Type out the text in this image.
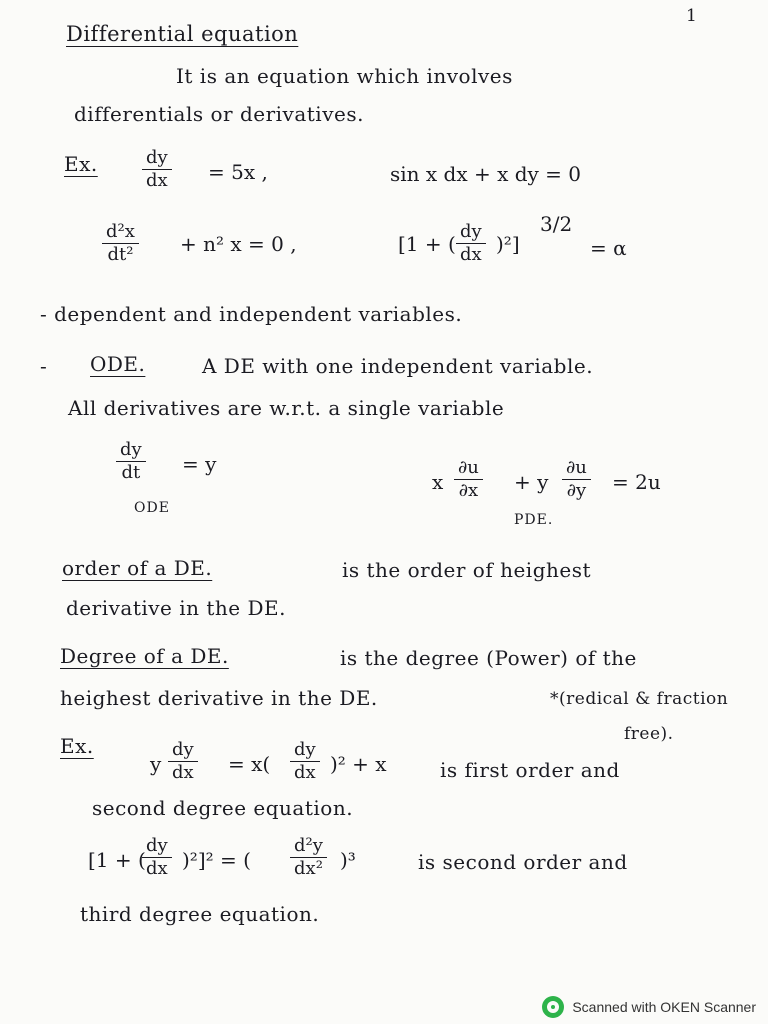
1
Differential equation
It is an equation which involves
differentials or derivatives.
Ex. $\frac{dy}{dx} = 5x$ ,	sin x dx + x dy = 0
$\frac{\text{d²x}}{\text{dt²}} + n^2$ x = 0 ,	[1 + ( $\frac{dy}{dx} )^2$]
3/2
= α
- dependent and independent variables.
- ODE.	A DE with one independent variable.
All derivatives are w.r.t. a single variable
$\frac{dy}{dt} = y$
ODE
x $\frac{\partial u}{\partial x} + y \frac{\partial u}{\partial y} = 2u$
PDE.
order of a DE.	is the order of heighest
derivative in the DE.
Degree of a DE.	is the degree (Power) of the
heighest derivative in the DE.	*(redical & fraction
free).
Ex.
y $\frac{dy}{dx} = x( \frac{dy}{dx} )^2 + x$	is first order and
second degree equation.
[1 + (
$\frac{dy}{dx} )^2]^2$ = ( $\frac{\text{d²y}}{\text{dx²}} )^3$	is second order and
third degree equation.
Scanned with OKEN Scanner
